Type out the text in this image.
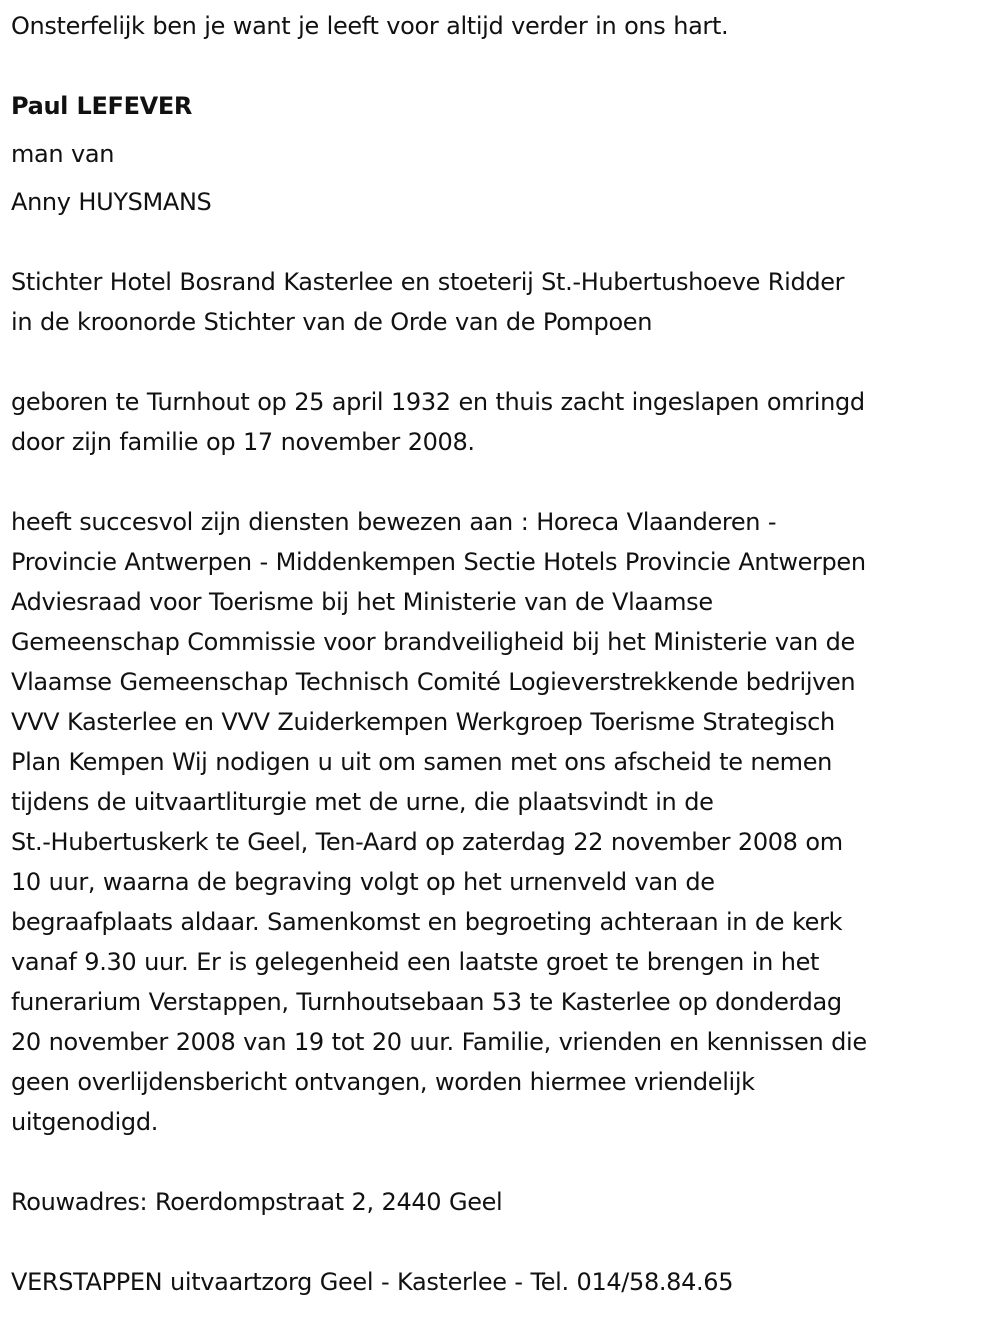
Onsterfelijk ben je want je leeft voor altijd verder in ons hart.
Paul LEFEVER
man van
Anny HUYSMANS
Stichter Hotel Bosrand Kasterlee en stoeterij St.-Hubertushoeve Ridder
in de kroonorde Stichter van de Orde van de Pompoen
geboren te Turnhout op 25 april 1932 en thuis zacht ingeslapen omringd
door zijn familie op 17 november 2008.
heeft succesvol zijn diensten bewezen aan : Horeca Vlaanderen -
Provincie Antwerpen - Middenkempen Sectie Hotels Provincie Antwerpen
Adviesraad voor Toerisme bij het Ministerie van de Vlaamse
Gemeenschap Commissie voor brandveiligheid bij het Ministerie van de
Vlaamse Gemeenschap Technisch Comité Logieverstrekkende bedrijven
VVV Kasterlee en VVV Zuiderkempen Werkgroep Toerisme Strategisch
Plan Kempen Wij nodigen u uit om samen met ons afscheid te nemen
tijdens de uitvaartliturgie met de urne, die plaatsvindt in de
St.-Hubertuskerk te Geel, Ten-Aard op zaterdag 22 november 2008 om
10 uur, waarna de begraving volgt op het urnenveld van de
begraafplaats aldaar. Samenkomst en begroeting achteraan in de kerk
vanaf 9.30 uur. Er is gelegenheid een laatste groet te brengen in het
funerarium Verstappen, Turnhoutsebaan 53 te Kasterlee op donderdag
20 november 2008 van 19 tot 20 uur. Familie, vrienden en kennissen die
geen overlijdensbericht ontvangen, worden hiermee vriendelijk
uitgenodigd.
Rouwadres: Roerdompstraat 2, 2440 Geel
VERSTAPPEN uitvaartzorg Geel - Kasterlee - Tel. 014/58.84.65
